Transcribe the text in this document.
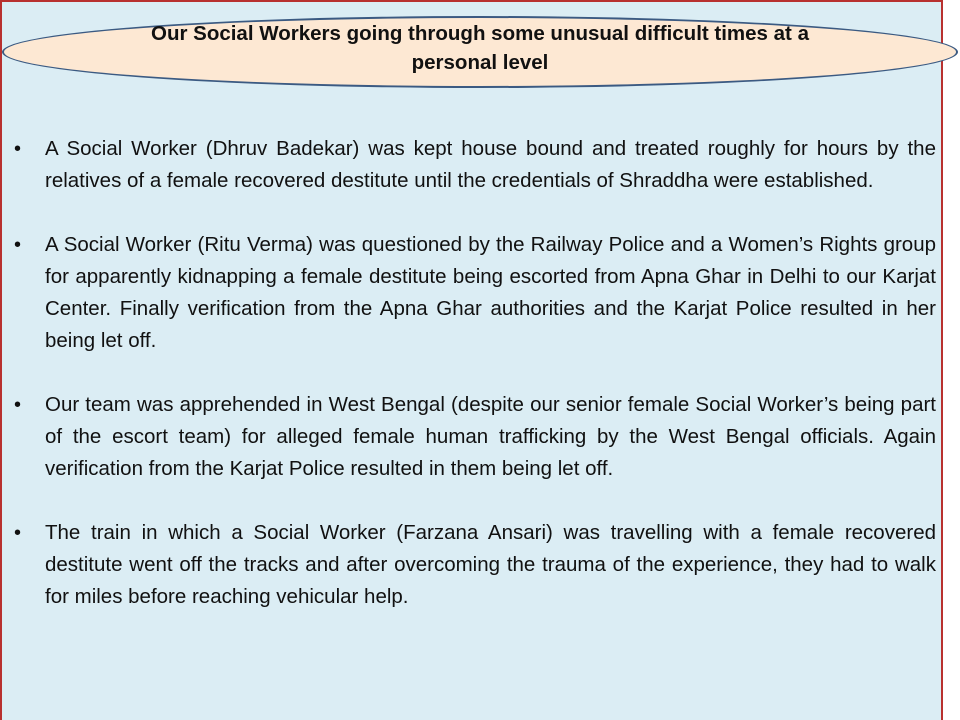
Our Social Workers going through some unusual difficult times at a personal level
•	A Social Worker (Dhruv Badekar) was kept house bound and treated roughly for hours by the relatives of a female recovered destitute until the credentials of Shraddha were established.
•	A Social Worker (Ritu Verma) was questioned by the Railway Police and a Women’s Rights group for apparently kidnapping a female destitute being escorted from Apna Ghar in Delhi to our Karjat Center. Finally verification from the Apna Ghar authorities and the Karjat Police resulted in her being let off.
•	Our team was apprehended in West Bengal (despite our senior female Social Worker’s being part of the escort team) for alleged female human trafficking by the West Bengal officials. Again verification from the Karjat Police resulted in them being let off.
•	The train in which a Social Worker (Farzana Ansari) was travelling with a female recovered destitute went off the tracks and after overcoming the trauma of the experience, they had to walk for miles before reaching vehicular help.
